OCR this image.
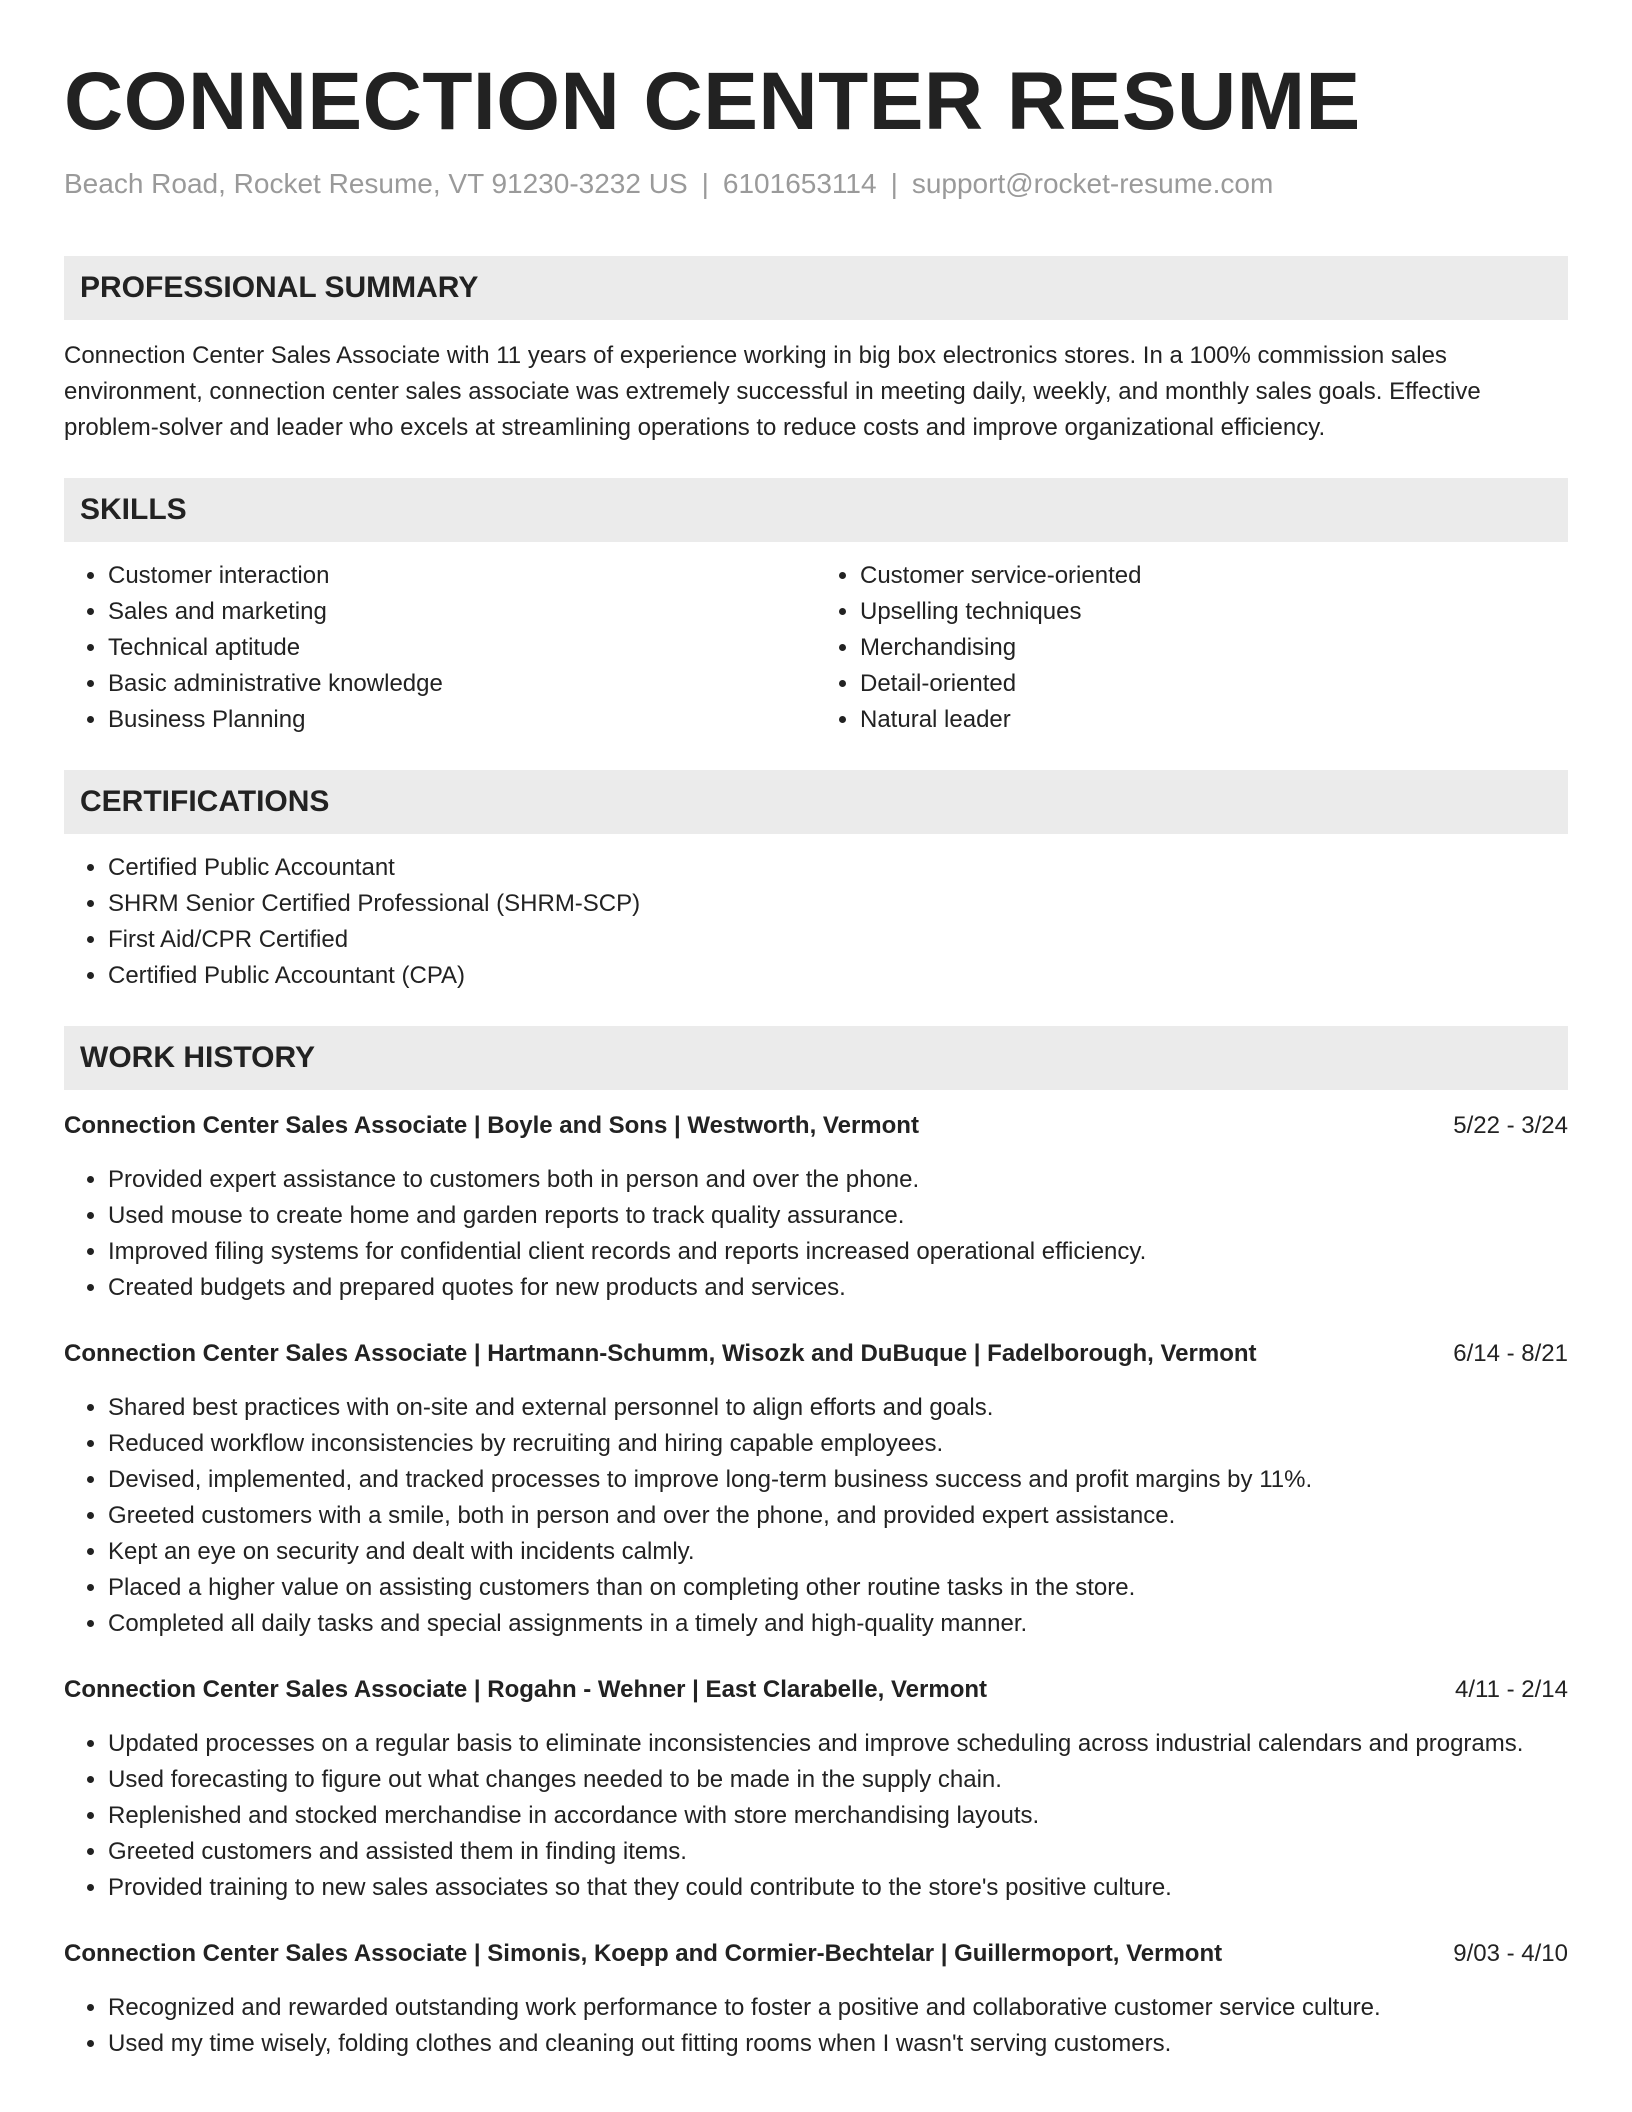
CONNECTION CENTER RESUME
Beach Road, Rocket Resume, VT 91230-3232 US | 6101653114 | support@rocket-resume.com
PROFESSIONAL SUMMARY
Connection Center Sales Associate with 11 years of experience working in big box electronics stores. In a 100% commission sales environment, connection center sales associate was extremely successful in meeting daily, weekly, and monthly sales goals. Effective problem-solver and leader who excels at streamlining operations to reduce costs and improve organizational efficiency.
SKILLS
• Customer interaction
• Sales and marketing
• Technical aptitude
• Basic administrative knowledge
• Business Planning
• Customer service-oriented
• Upselling techniques
• Merchandising
• Detail-oriented
• Natural leader
CERTIFICATIONS
• Certified Public Accountant
• SHRM Senior Certified Professional (SHRM-SCP)
• First Aid/CPR Certified
• Certified Public Accountant (CPA)
WORK HISTORY
Connection Center Sales Associate | Boyle and Sons | Westworth, Vermont	5/22 - 3/24
• Provided expert assistance to customers both in person and over the phone.
• Used mouse to create home and garden reports to track quality assurance.
• Improved filing systems for confidential client records and reports increased operational efficiency.
• Created budgets and prepared quotes for new products and services.
Connection Center Sales Associate | Hartmann-Schumm, Wisozk and DuBuque | Fadelborough, Vermont	6/14 - 8/21
• Shared best practices with on-site and external personnel to align efforts and goals.
• Reduced workflow inconsistencies by recruiting and hiring capable employees.
• Devised, implemented, and tracked processes to improve long-term business success and profit margins by 11%.
• Greeted customers with a smile, both in person and over the phone, and provided expert assistance.
• Kept an eye on security and dealt with incidents calmly.
• Placed a higher value on assisting customers than on completing other routine tasks in the store.
• Completed all daily tasks and special assignments in a timely and high-quality manner.
Connection Center Sales Associate | Rogahn - Wehner | East Clarabelle, Vermont	4/11 - 2/14
• Updated processes on a regular basis to eliminate inconsistencies and improve scheduling across industrial calendars and programs.
• Used forecasting to figure out what changes needed to be made in the supply chain.
• Replenished and stocked merchandise in accordance with store merchandising layouts.
• Greeted customers and assisted them in finding items.
• Provided training to new sales associates so that they could contribute to the store's positive culture.
Connection Center Sales Associate | Simonis, Koepp and Cormier-Bechtelar | Guillermoport, Vermont	9/03 - 4/10
• Recognized and rewarded outstanding work performance to foster a positive and collaborative customer service culture.
• Used my time wisely, folding clothes and cleaning out fitting rooms when I wasn't serving customers.
